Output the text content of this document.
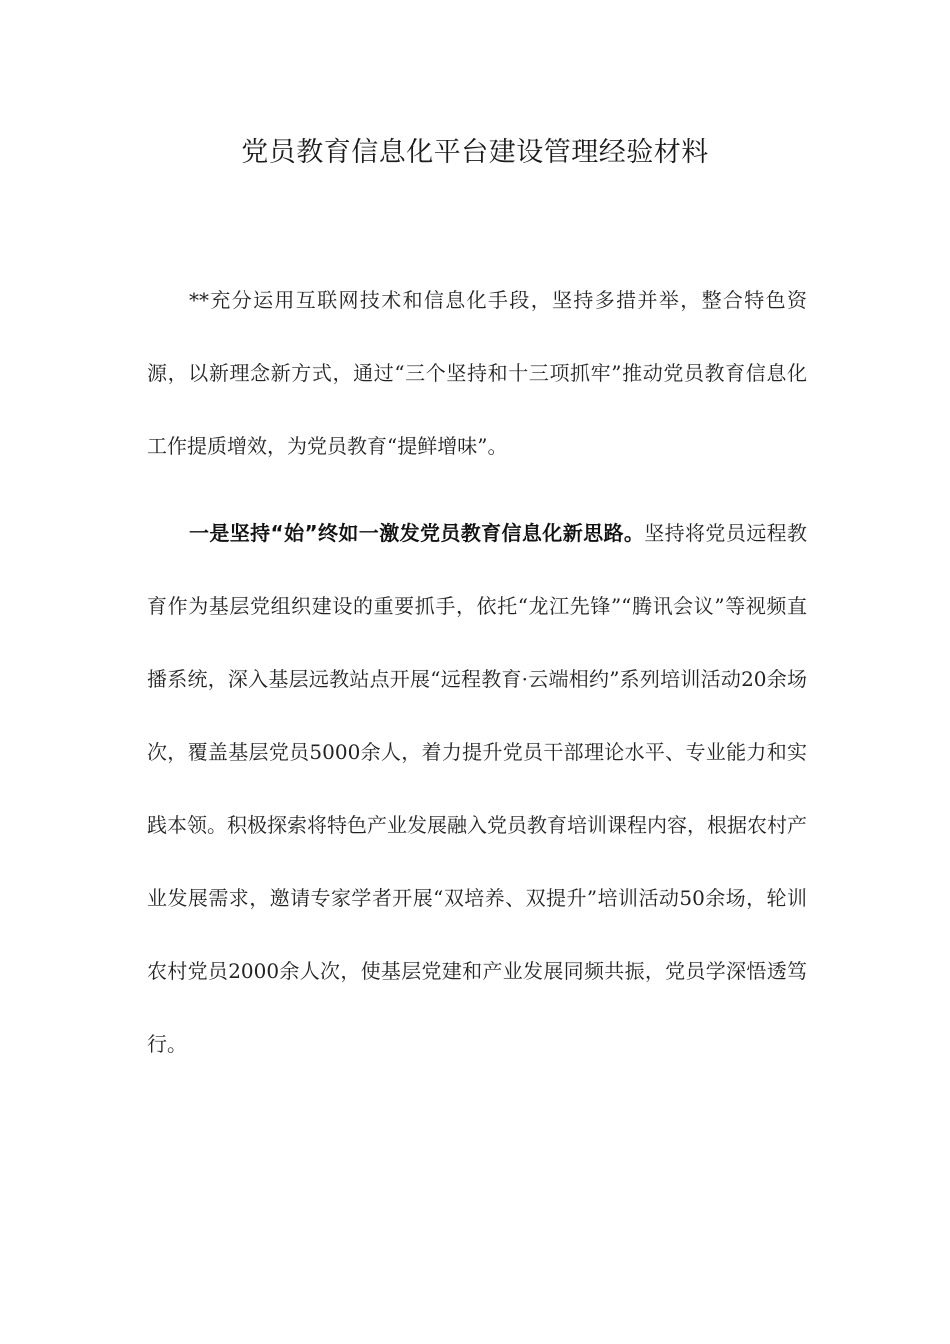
党员教育信息化平台建设管理经验材料

**充分运用互联网技术和信息化手段，坚持多措并举，整合特色资源，以新理念新方式，通过“三个坚持和十三项抓牢”推动党员教育信息化工作提质增效，为党员教育“提鲜增味”。

一是坚持“始”终如一激发党员教育信息化新思路。坚持将党员远程教育作为基层党组织建设的重要抓手，依托“龙江先锋”“腾讯会议”等视频直播系统，深入基层远教站点开展“远程教育·云端相约”系列培训活动20余场次，覆盖基层党员5000余人，着力提升党员干部理论水平、专业能力和实践本领。积极探索将特色产业发展融入党员教育培训课程内容，根据农村产业发展需求，邀请专家学者开展“双培养、双提升”培训活动50余场，轮训农村党员2000余人次，使基层党建和产业发展同频共振，党员学深悟透笃行。
